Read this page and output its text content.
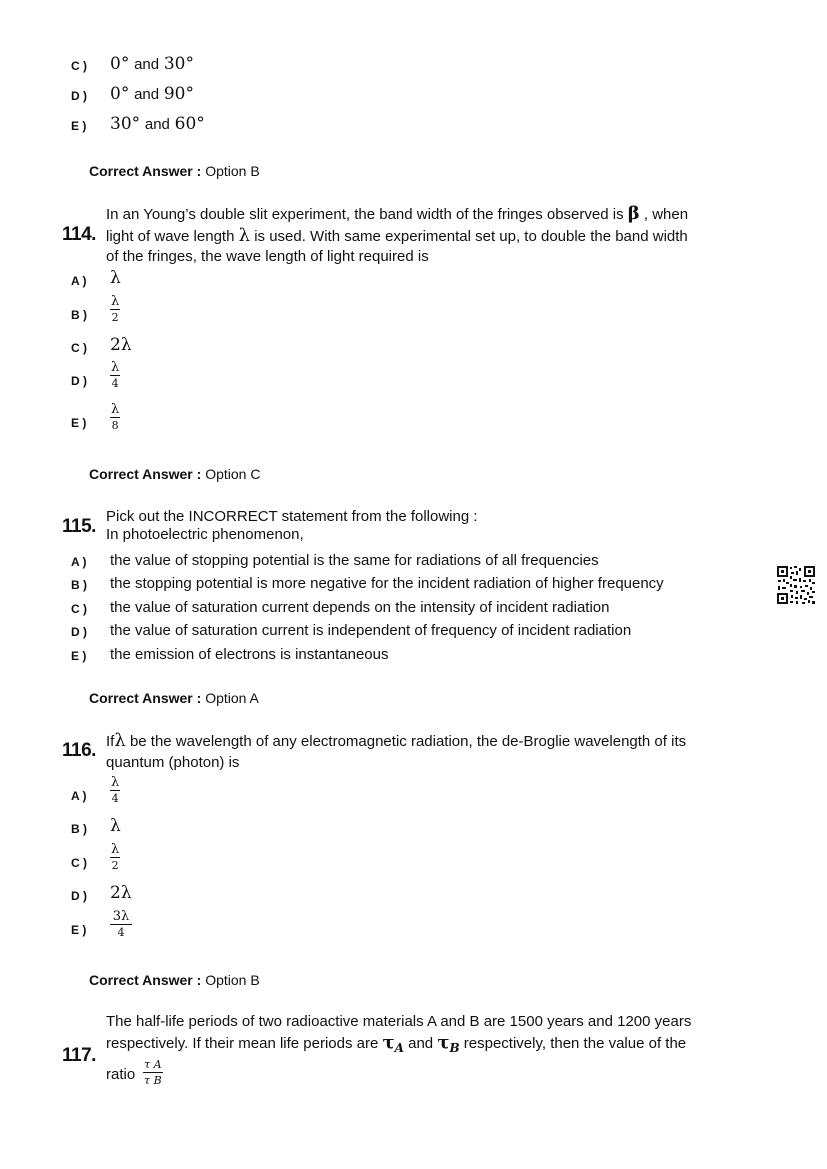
C ) 0° and 30°
D ) 0° and 90°
E ) 30° and 60°
Correct Answer : Option B
114.
In an Young’s double slit experiment, the band width of the fringes observed is β , when
light of wave length λ is used. With same experimental set up, to double the band width
of the fringes, the wave length of light required is
A ) λ
B )
λ
2
C ) 2λ
D )
λ
4
E )
λ
8
Correct Answer : Option C
115. Pick out the INCORRECT statement from the following :
In photoelectric phenomenon,
A ) the value of stopping potential is the same for radiations of all frequencies
B ) the stopping potential is more negative for the incident radiation of higher frequency
C ) the value of saturation current depends on the intensity of incident radiation
D ) the value of saturation current is independent of frequency of incident radiation
E ) the emission of electrons is instantaneous
Correct Answer : Option A
116. Ifλ be the wavelength of any electromagnetic radiation, the de-Broglie wavelength of its
quantum (photon) is
A )
λ
4
B ) λ
C )
λ
2
D ) 2λ
E )
3λ
4
Correct Answer : Option B
117.
The half-life periods of two radioactive materials A and B are 1500 years and 1200 years
respectively. If their mean life periods are $\tau_A$ and $\tau_B$ respectively, then the value of the
ratio
τ A
τ B
